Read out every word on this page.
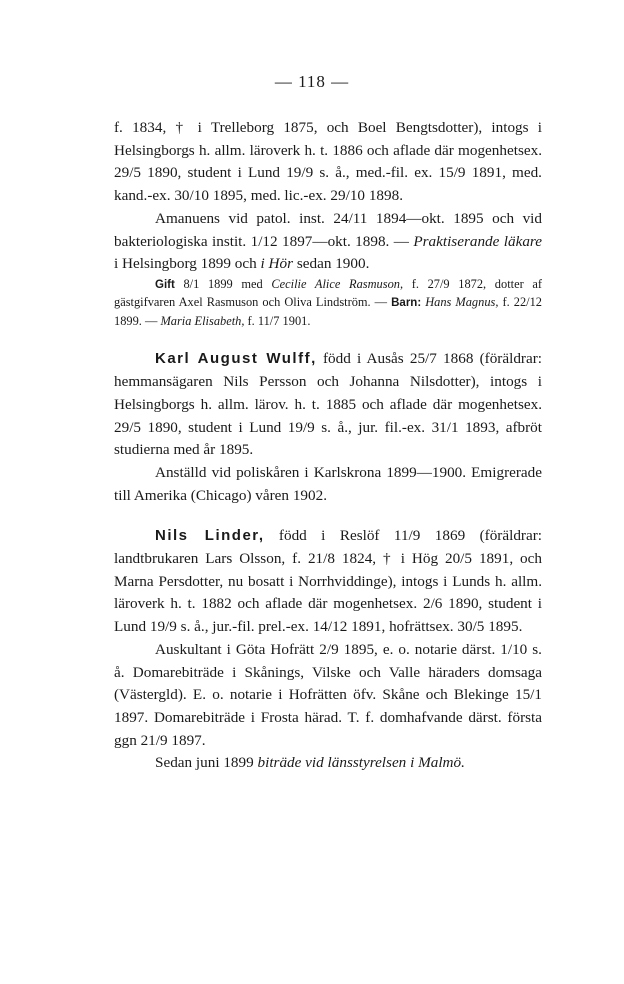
— 118 —

f. 1834, † i Trelleborg 1875, och Boel Bengtsdotter), intogs i Helsingborgs h. allm. läroverk h. t. 1886 och aflade där mogenhetsex. 29/5 1890, student i Lund 19/9 s. å., med.-fil. ex. 15/9 1891, med. kand.-ex. 30/10 1895, med. lic.-ex. 29/10 1898.

Amanuens vid patol. inst. 24/11 1894—okt. 1895 och vid bakteriologiska instit. 1/12 1897—okt. 1898. — Praktiserande läkare i Helsingborg 1899 och i Hör sedan 1900.

Gift 8/1 1899 med Cecilie Alice Rasmuson, f. 27/9 1872, dotter af gästgifvaren Axel Rasmuson och Oliva Lindström. — Barn: Hans Magnus, f. 22/12 1899. — Maria Elisabeth, f. 11/7 1901.

Karl August Wulff, född i Ausås 25/7 1868 (föräldrar: hemmansägaren Nils Persson och Johanna Nilsdotter), intogs i Helsingborgs h. allm. lärov. h. t. 1885 och aflade där mogenhetsex. 29/5 1890, student i Lund 19/9 s. å., jur. fil.-ex. 31/1 1893, afbröt studierna med år 1895.

Anställd vid poliskåren i Karlskrona 1899—1900. Emigrerade till Amerika (Chicago) våren 1902.

Nils Linder, född i Reslöf 11/9 1869 (föräldrar: landtbrukaren Lars Olsson, f. 21/8 1824, † i Hög 20/5 1891, och Marna Persdotter, nu bosatt i Norrhviddinge), intogs i Lunds h. allm. läroverk h. t. 1882 och aflade där mogenhetsex. 2/6 1890, student i Lund 19/9 s. å., jur.-fil. prel.-ex. 14/12 1891, hofrättsex. 30/5 1895.

Auskultant i Göta Hofrätt 2/9 1895, e. o. notarie därst. 1/10 s. å. Domarebiträde i Skånings, Vilske och Valle häraders domsaga (Västergld). E. o. notarie i Hofrätten öfv. Skåne och Blekinge 15/1 1897. Domarebiträde i Frosta härad. T. f. domhafvande därst. första ggn 21/9 1897.

Sedan juni 1899 biträde vid länsstyrelsen i Malmö.
